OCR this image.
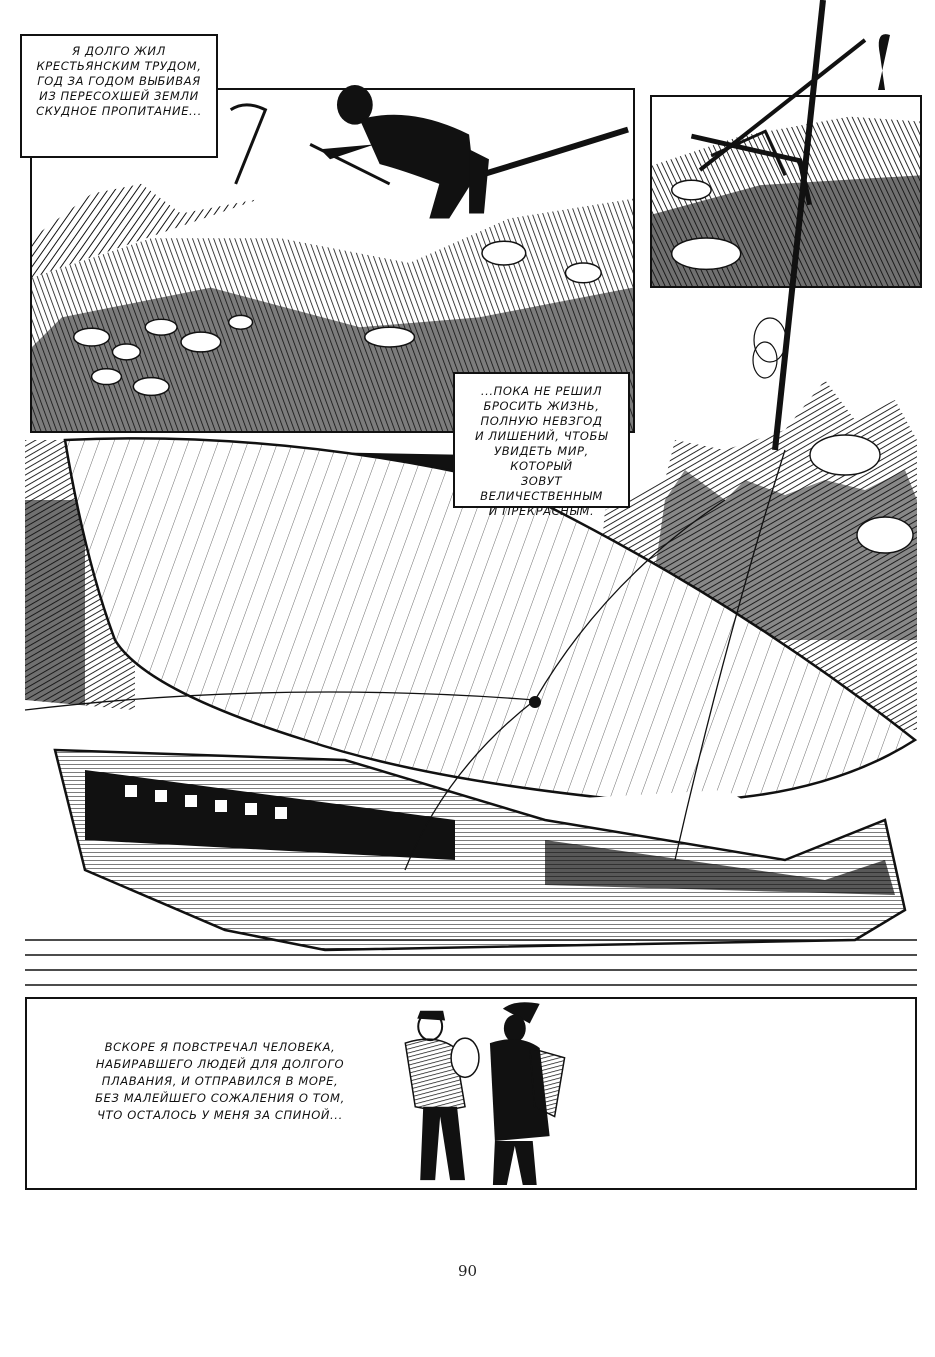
Я ДОЛГО ЖИЛ
КРЕСТЬЯНСКИМ ТРУДОМ,
ГОД ЗА ГОДОМ ВЫБИВАЯ
ИЗ ПЕРЕСОХШЕЙ ЗЕМЛИ
СКУДНОЕ ПРОПИТАНИЕ...
...ПОКА НЕ РЕШИЛ
БРОСИТЬ ЖИЗНЬ,
ПОЛНУЮ НЕВЗГОД
И ЛИШЕНИЙ, ЧТОБЫ
УВИДЕТЬ МИР, КОТОРЫЙ
ЗОВУТ ВЕЛИЧЕСТВЕННЫМ
И ПРЕКРАСНЫМ.
ВСКОРЕ Я ПОВСТРЕЧАЛ ЧЕЛОВЕКА,
НАБИРАВШЕГО ЛЮДЕЙ ДЛЯ ДОЛГОГО
ПЛАВАНИЯ, И ОТПРАВИЛСЯ В МОРЕ,
БЕЗ МАЛЕЙШЕГО СОЖАЛЕНИЯ О ТОМ,
ЧТО ОСТАЛОСЬ У МЕНЯ ЗА СПИНОЙ...
90
